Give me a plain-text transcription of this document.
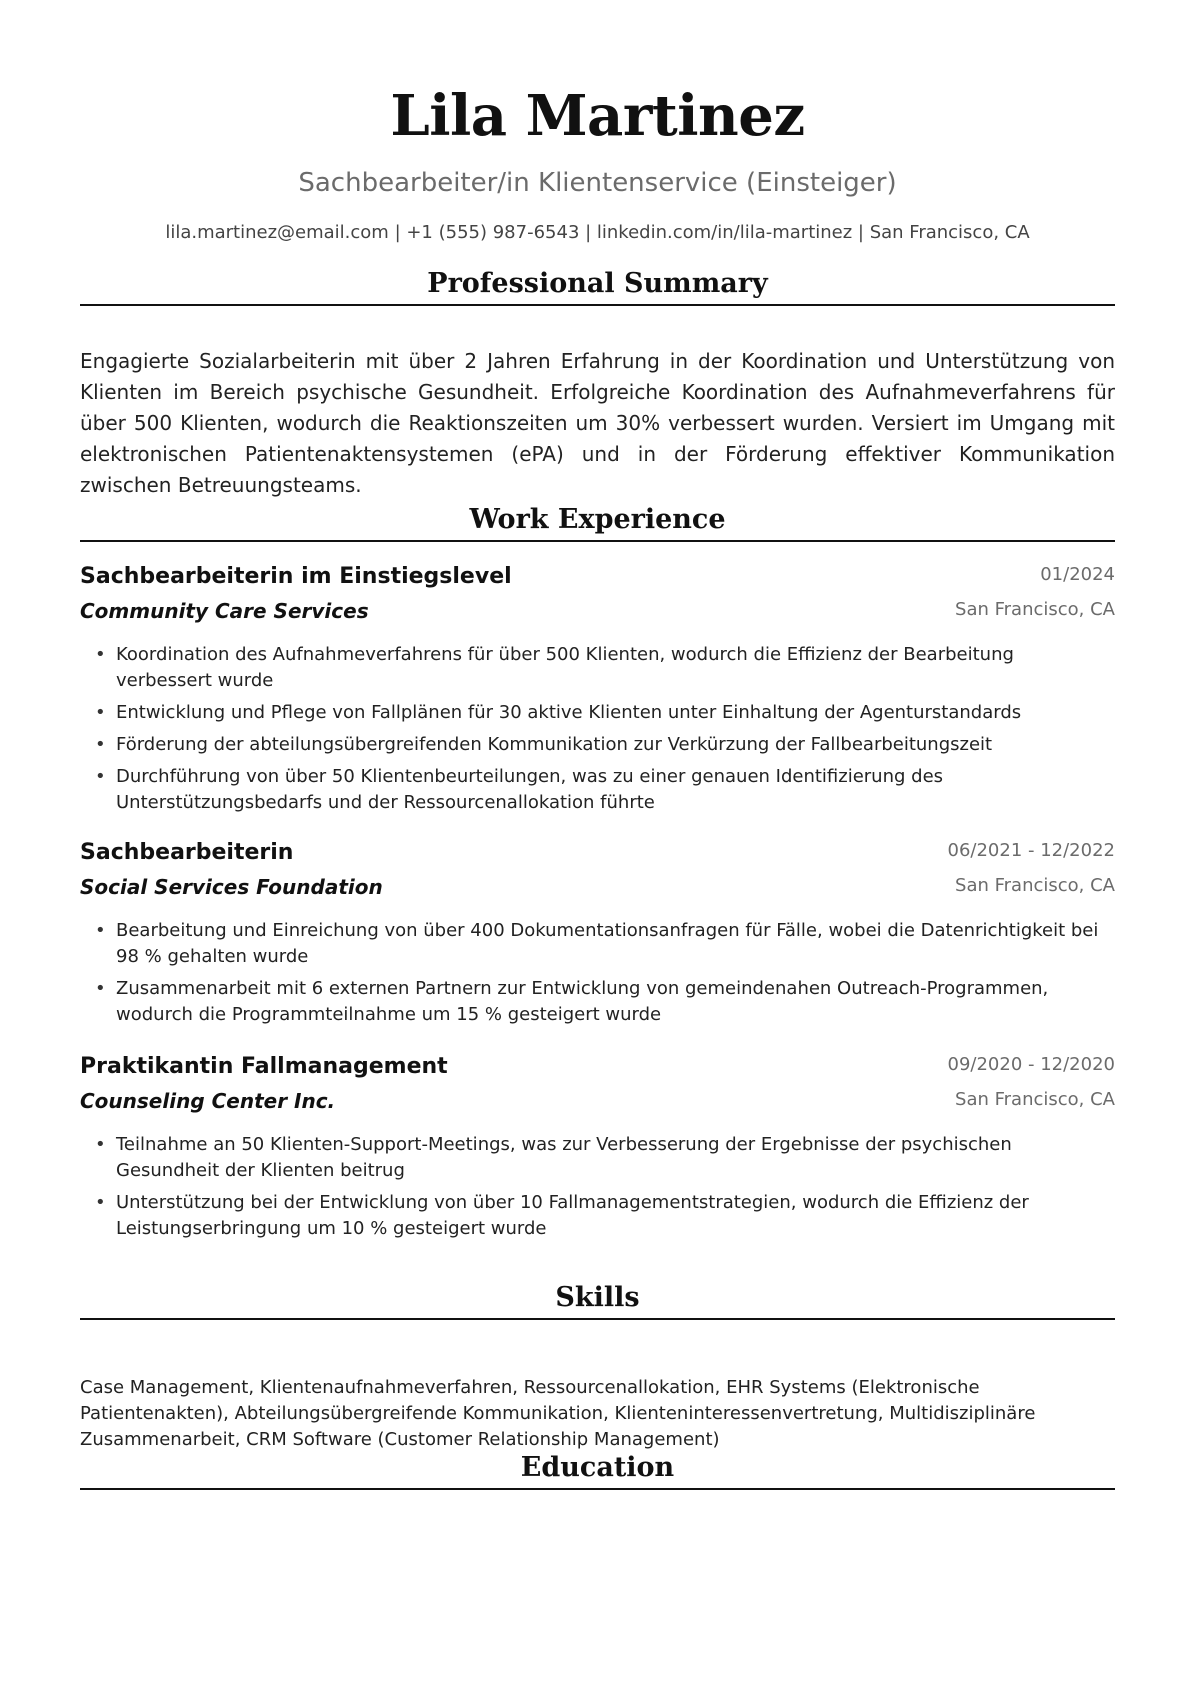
Lila Martinez
Sachbearbeiter/in Klientenservice (Einsteiger)
lila.martinez@email.com | +1 (555) 987-6543 | linkedin.com/in/lila-martinez | San Francisco, CA
Professional Summary
Engagierte Sozialarbeiterin mit über 2 Jahren Erfahrung in der Koordination und Unterstützung von Klienten im Bereich psychische Gesundheit. Erfolgreiche Koordination des Aufnahmeverfahrens für über 500 Klienten, wodurch die Reaktionszeiten um 30% verbessert wurden. Versiert im Umgang mit elektronischen Patientenaktensystemen (ePA) und in der Förderung effektiver Kommunikation zwischen Betreuungsteams.
Work Experience
Sachbearbeiterin im Einstiegslevel	01/2024
Community Care Services	San Francisco, CA
• Koordination des Aufnahmeverfahrens für über 500 Klienten, wodurch die Effizienz der Bearbeitung verbessert wurde
• Entwicklung und Pflege von Fallplänen für 30 aktive Klienten unter Einhaltung der Agenturstandards
• Förderung der abteilungsübergreifenden Kommunikation zur Verkürzung der Fallbearbeitungszeit
• Durchführung von über 50 Klientenbeurteilungen, was zu einer genauen Identifizierung des Unterstützungsbedarfs und der Ressourcenallokation führte
Sachbearbeiterin	06/2021 - 12/2022
Social Services Foundation	San Francisco, CA
• Bearbeitung und Einreichung von über 400 Dokumentationsanfragen für Fälle, wobei die Datenrichtigkeit bei 98 % gehalten wurde
• Zusammenarbeit mit 6 externen Partnern zur Entwicklung von gemeindenahen Outreach-Programmen, wodurch die Programmteilnahme um 15 % gesteigert wurde
Praktikantin Fallmanagement	09/2020 - 12/2020
Counseling Center Inc.	San Francisco, CA
• Teilnahme an 50 Klienten-Support-Meetings, was zur Verbesserung der Ergebnisse der psychischen Gesundheit der Klienten beitrug
• Unterstützung bei der Entwicklung von über 10 Fallmanagementstrategien, wodurch die Effizienz der Leistungserbringung um 10 % gesteigert wurde
Skills
Case Management, Klientenaufnahmeverfahren, Ressourcenallokation, EHR Systems (Elektronische Patientenakten), Abteilungsübergreifende Kommunikation, Klienteninteressenvertretung, Multidisziplinäre Zusammenarbeit, CRM Software (Customer Relationship Management)
Education
